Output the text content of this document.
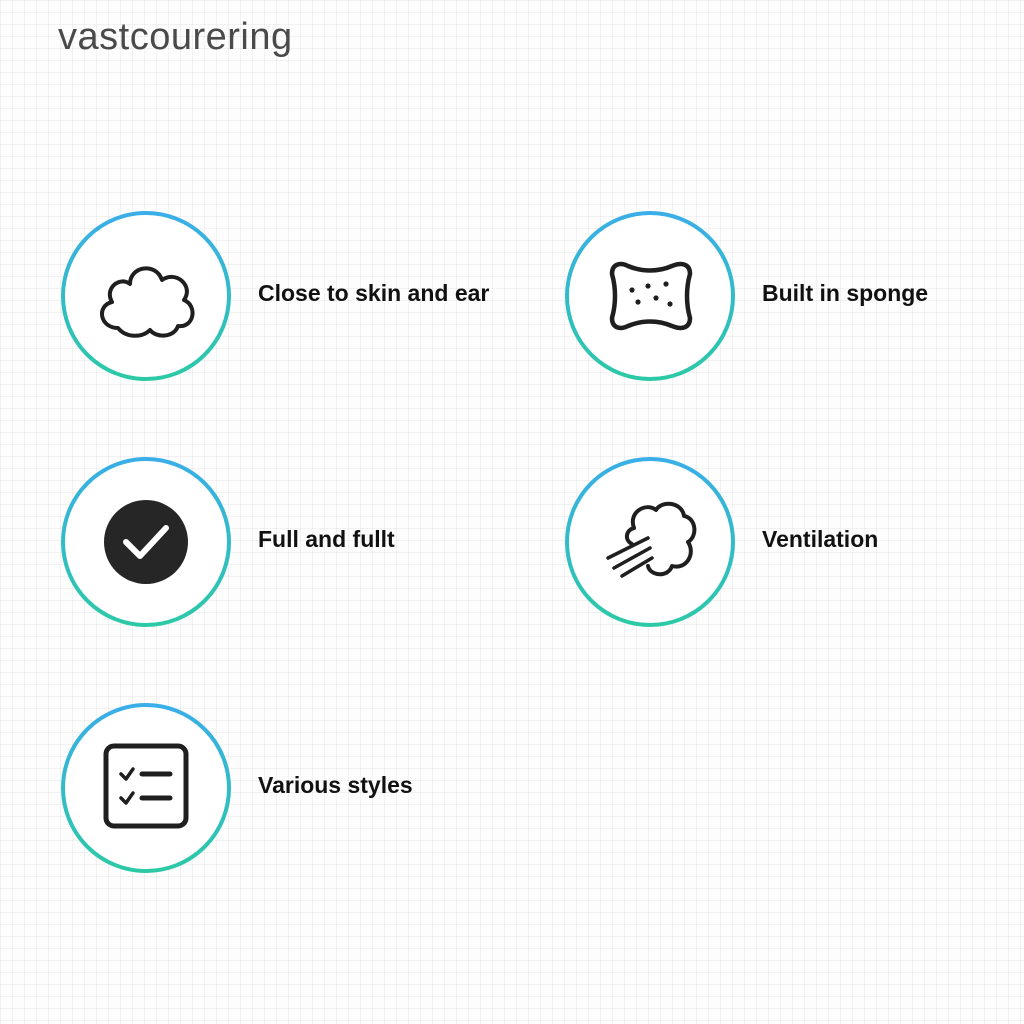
vastcourering
Close to skin and ear	Built in sponge
Full and fullt	Ventilation
Various styles
